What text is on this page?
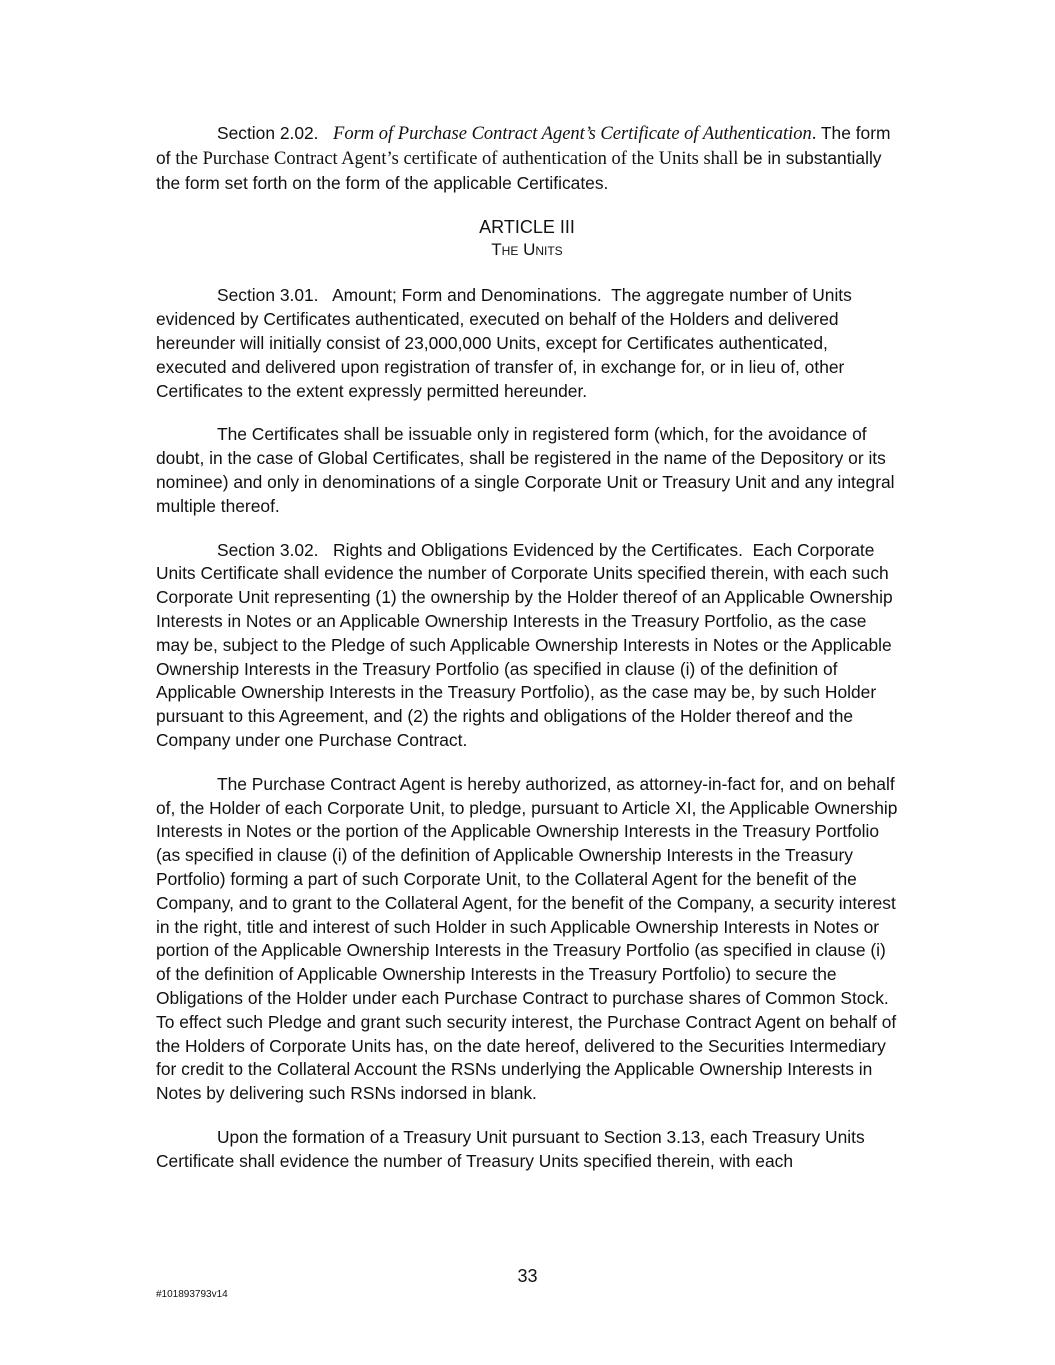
Section 2.02. Form of Purchase Contract Agent’s Certificate of Authentication. The form of the Purchase Contract Agent’s certificate of authentication of the Units shall be in substantially the form set forth on the form of the applicable Certificates.

ARTICLE III

The Units

Section 3.01. Amount; Form and Denominations. The aggregate number of Units evidenced by Certificates authenticated, executed on behalf of the Holders and delivered hereunder will initially consist of 23,000,000 Units, except for Certificates authenticated, executed and delivered upon registration of transfer of, in exchange for, or in lieu of, other Certificates to the extent expressly permitted hereunder.

The Certificates shall be issuable only in registered form (which, for the avoidance of doubt, in the case of Global Certificates, shall be registered in the name of the Depository or its nominee) and only in denominations of a single Corporate Unit or Treasury Unit and any integral multiple thereof.

Section 3.02. Rights and Obligations Evidenced by the Certificates. Each Corporate Units Certificate shall evidence the number of Corporate Units specified therein, with each such Corporate Unit representing (1) the ownership by the Holder thereof of an Applicable Ownership Interests in Notes or an Applicable Ownership Interests in the Treasury Portfolio, as the case may be, subject to the Pledge of such Applicable Ownership Interests in Notes or the Applicable Ownership Interests in the Treasury Portfolio (as specified in clause (i) of the definition of Applicable Ownership Interests in the Treasury Portfolio), as the case may be, by such Holder pursuant to this Agreement, and (2) the rights and obligations of the Holder thereof and the Company under one Purchase Contract.

The Purchase Contract Agent is hereby authorized, as attorney-in-fact for, and on behalf of, the Holder of each Corporate Unit, to pledge, pursuant to Article XI, the Applicable Ownership Interests in Notes or the portion of the Applicable Ownership Interests in the Treasury Portfolio (as specified in clause (i) of the definition of Applicable Ownership Interests in the Treasury Portfolio) forming a part of such Corporate Unit, to the Collateral Agent for the benefit of the Company, and to grant to the Collateral Agent, for the benefit of the Company, a security interest in the right, title and interest of such Holder in such Applicable Ownership Interests in Notes or portion of the Applicable Ownership Interests in the Treasury Portfolio (as specified in clause (i) of the definition of Applicable Ownership Interests in the Treasury Portfolio) to secure the Obligations of the Holder under each Purchase Contract to purchase shares of Common Stock. To effect such Pledge and grant such security interest, the Purchase Contract Agent on behalf of the Holders of Corporate Units has, on the date hereof, delivered to the Securities Intermediary for credit to the Collateral Account the RSNs underlying the Applicable Ownership Interests in Notes by delivering such RSNs indorsed in blank.

Upon the formation of a Treasury Unit pursuant to Section 3.13, each Treasury Units Certificate shall evidence the number of Treasury Units specified therein, with each

33
#101893793v14
